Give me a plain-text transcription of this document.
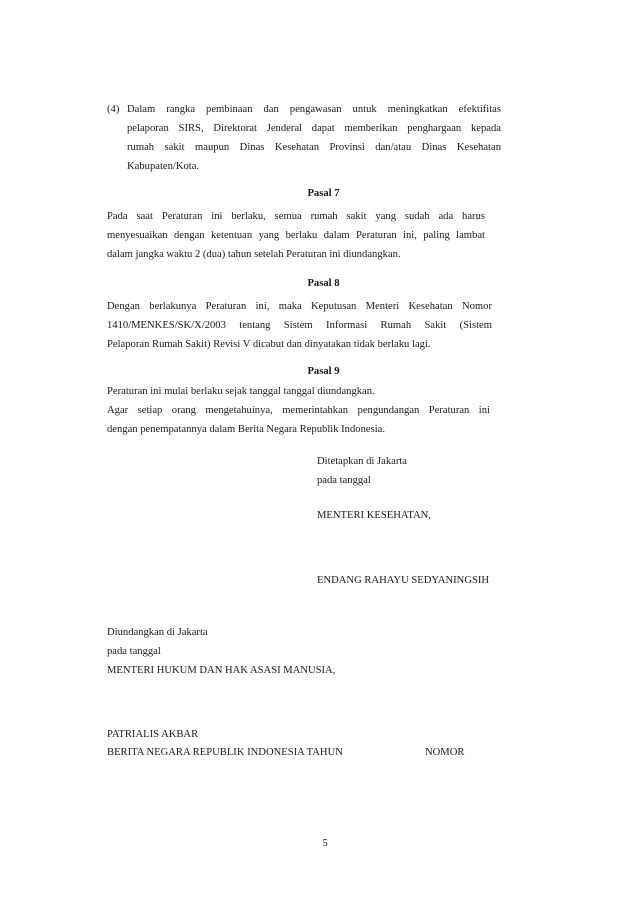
(4) Dalam rangka pembinaan dan pengawasan untuk meningkatkan efektifitas
pelaporan SIRS, Direktorat Jenderal dapat memberikan penghargaan kepada
rumah sakit maupun Dinas Kesehatan Provinsi dan/atau Dinas Kesehatan
Kabupaten/Kota.
Pasal 7
Pada saat Peraturan ini berlaku, semua rumah sakit yang sudah ada harus
menyesuaikan dengan ketentuan yang berlaku dalam Peraturan ini, paling lambat
dalam jangka waktu 2 (dua) tahun setelah Peraturan ini diundangkan.
Pasal 8
Dengan berlakunya Peraturan ini, maka Keputusan Menteri Kesehatan Nomor
1410/MENKES/SK/X/2003 tentang Sistem Informasi Rumah Sakit (Sistem
Pelaporan Rumah Sakit) Revisi V dicabut dan dinyatakan tidak berlaku lagi.
Pasal 9
Peraturan ini mulai berlaku sejak tanggal tanggal diundangkan.
Agar setiap orang mengetahuinya, memerintahkan pengundangan Peraturan ini
dengan penempatannya dalam Berita Negara Republik Indonesia.
Ditetapkan di Jakarta
pada tanggal
MENTERI KESEHATAN,
ENDANG RAHAYU SEDYANINGSIH
Diundangkan di Jakarta
pada tanggal
MENTERI HUKUM DAN HAK ASASI MANUSIA,
PATRIALIS AKBAR
BERITA NEGARA REPUBLIK INDONESIA TAHUN	NOMOR
5
